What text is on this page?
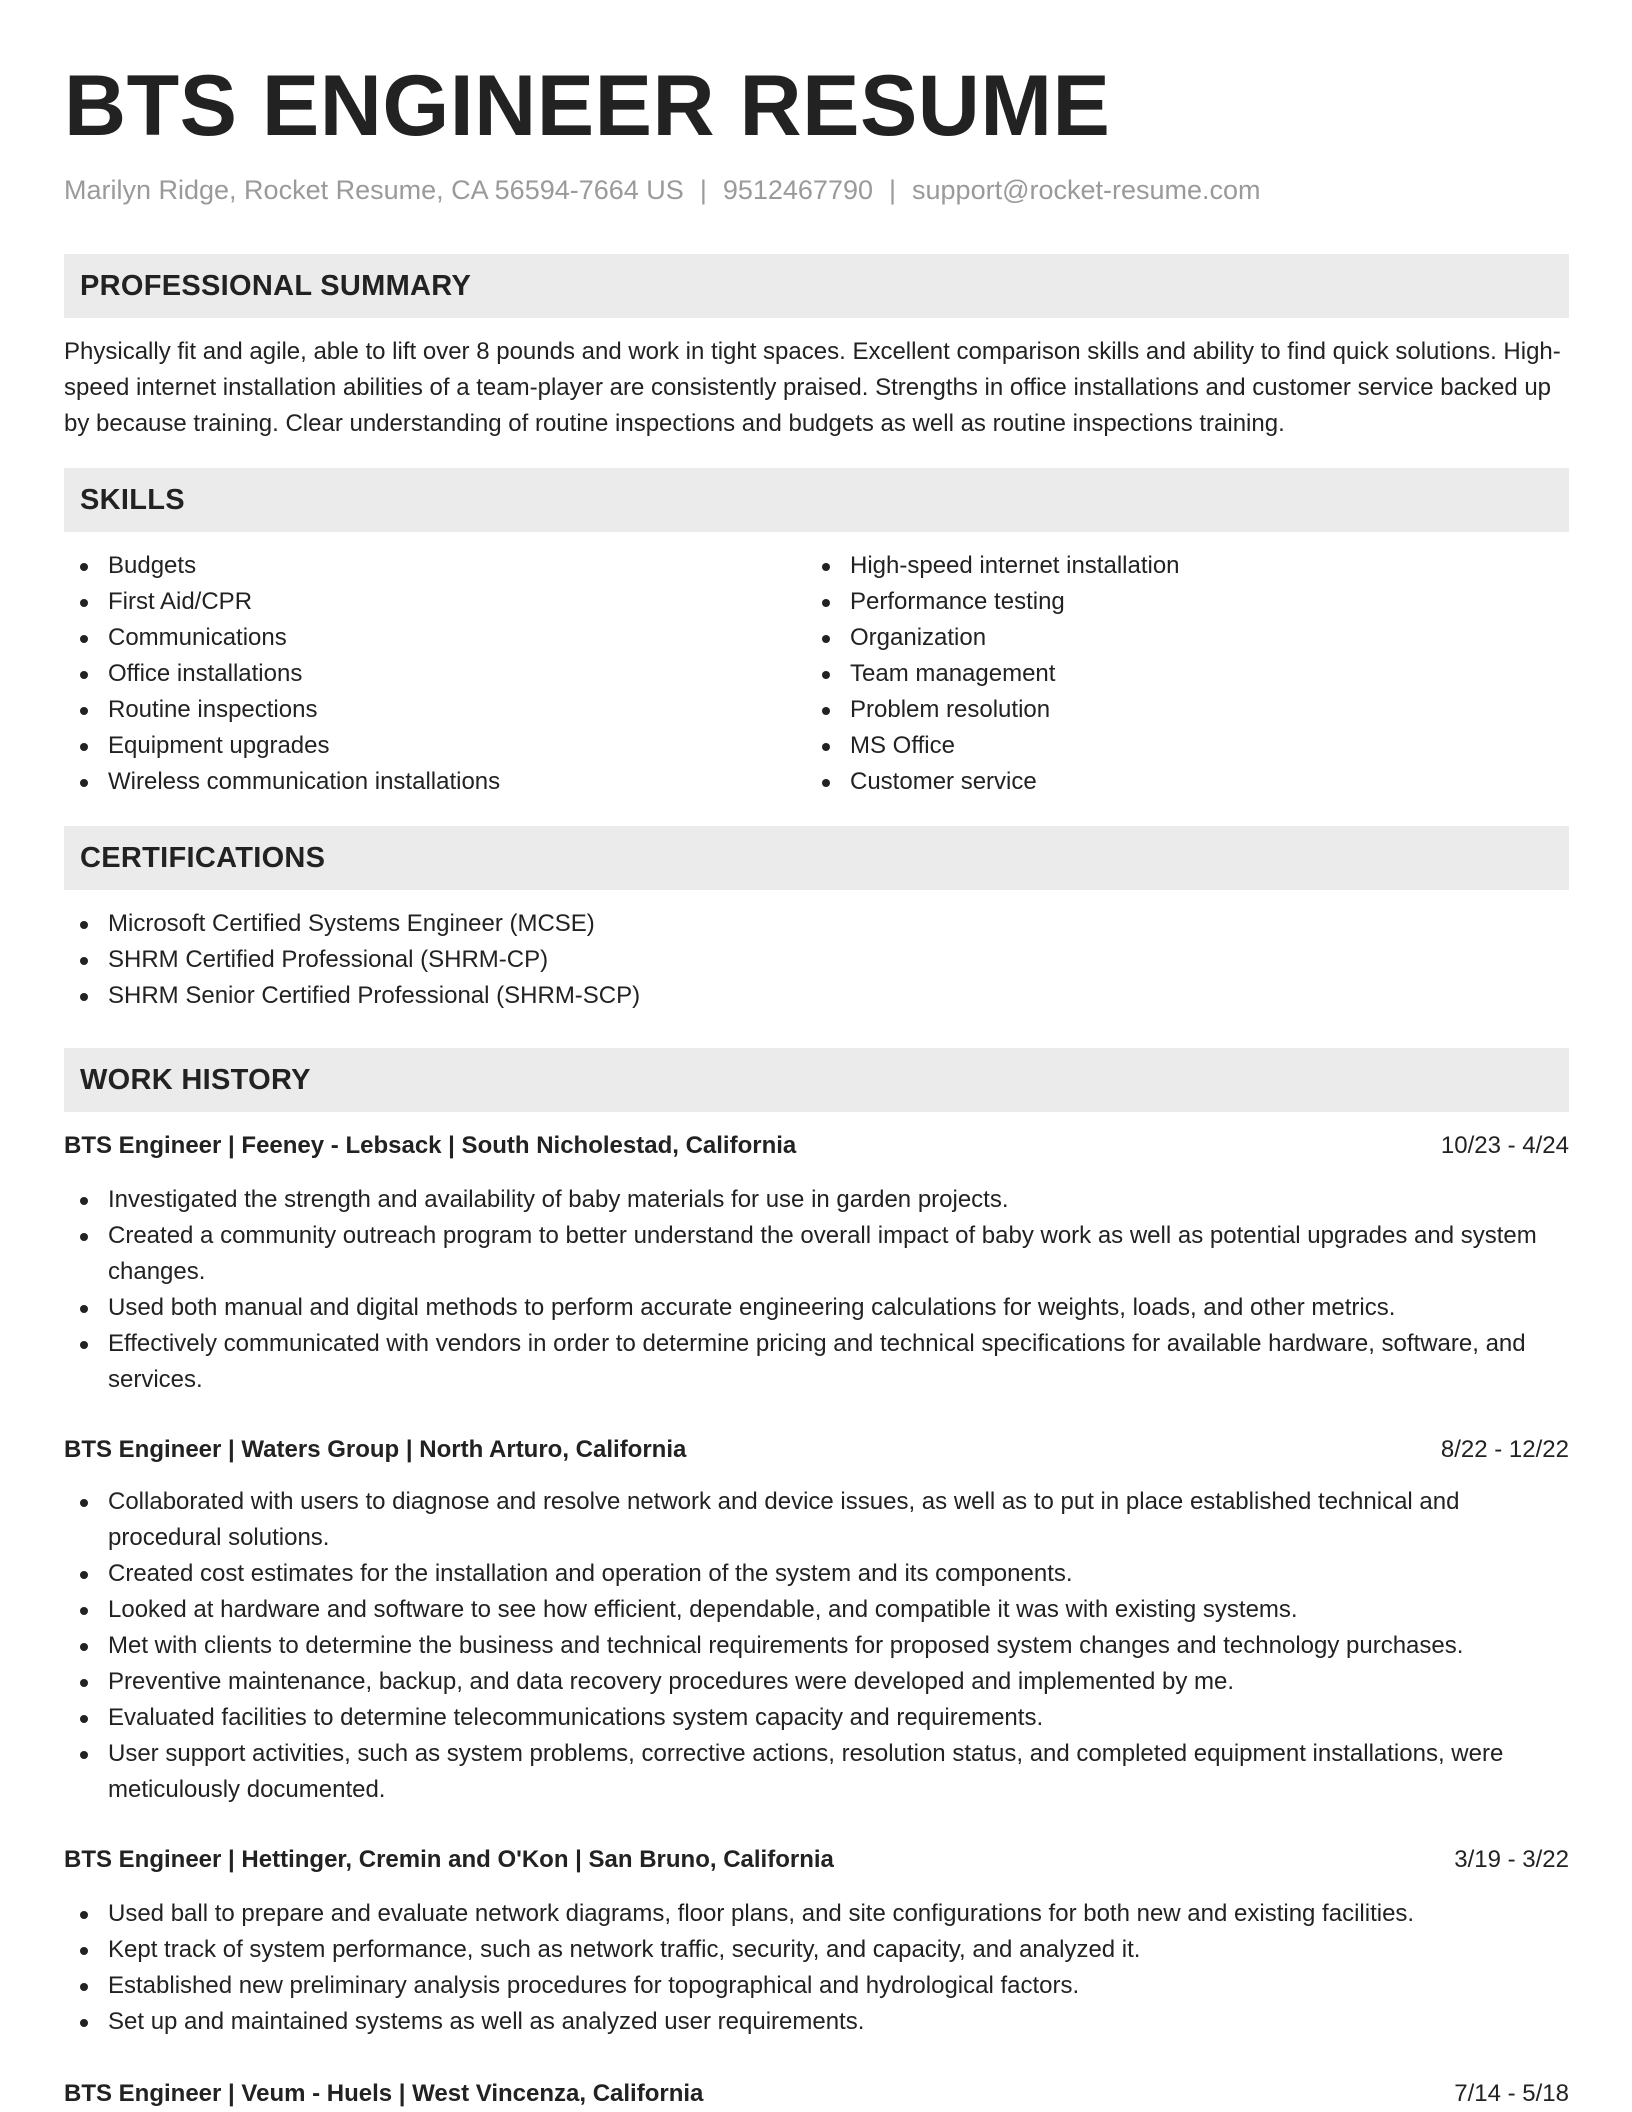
BTS ENGINEER RESUME
Marilyn Ridge, Rocket Resume, CA 56594-7664 US | 9512467790 | support@rocket-resume.com
PROFESSIONAL SUMMARY

Physically fit and agile, able to lift over 8 pounds and work in tight spaces. Excellent comparison skills and ability to find quick solutions. High-speed internet installation abilities of a team-player are consistently praised. Strengths in office installations and customer service backed up by because training. Clear understanding of routine inspections and budgets as well as routine inspections training.

SKILLS
Budgets
First Aid/CPR
Communications
Office installations
Routine inspections
Equipment upgrades
Wireless communication installations
High-speed internet installation
Performance testing
Organization
Team management
Problem resolution
MS Office
Customer service
CERTIFICATIONS
Microsoft Certified Systems Engineer (MCSE)
SHRM Certified Professional (SHRM-CP)
SHRM Senior Certified Professional (SHRM-SCP)
WORK HISTORY
BTS Engineer | Feeney - Lebsack | South Nicholestad, California	10/23 - 4/24
Investigated the strength and availability of baby materials for use in garden projects.
Created a community outreach program to better understand the overall impact of baby work as well as potential upgrades and system changes.
Used both manual and digital methods to perform accurate engineering calculations for weights, loads, and other metrics.
Effectively communicated with vendors in order to determine pricing and technical specifications for available hardware, software, and services.
BTS Engineer | Waters Group | North Arturo, California	8/22 - 12/22
Collaborated with users to diagnose and resolve network and device issues, as well as to put in place established technical and procedural solutions.
Created cost estimates for the installation and operation of the system and its components.
Looked at hardware and software to see how efficient, dependable, and compatible it was with existing systems.
Met with clients to determine the business and technical requirements for proposed system changes and technology purchases.
Preventive maintenance, backup, and data recovery procedures were developed and implemented by me.
Evaluated facilities to determine telecommunications system capacity and requirements.
User support activities, such as system problems, corrective actions, resolution status, and completed equipment installations, were meticulously documented.
BTS Engineer | Hettinger, Cremin and O'Kon | San Bruno, California	3/19 - 3/22
Used ball to prepare and evaluate network diagrams, floor plans, and site configurations for both new and existing facilities.
Kept track of system performance, such as network traffic, security, and capacity, and analyzed it.
Established new preliminary analysis procedures for topographical and hydrological factors.
Set up and maintained systems as well as analyzed user requirements.
BTS Engineer | Veum - Huels | West Vincenza, California	7/14 - 5/18
